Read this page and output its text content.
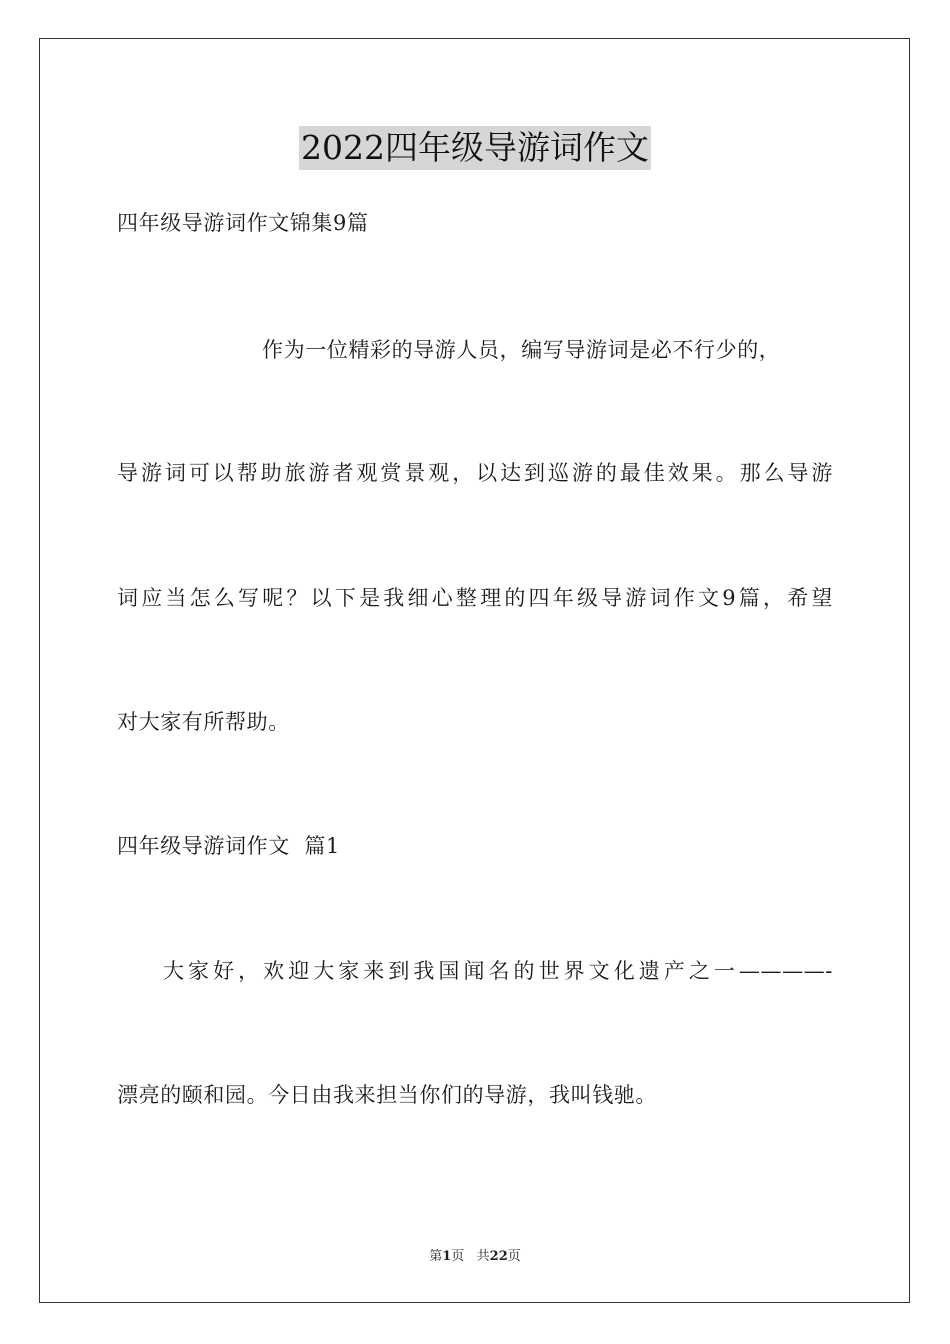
2022四年级导游词作文
四年级导游词作文锦集9篇
作为一位精彩的导游人员，编写导游词是必不行少的，
导游词可以帮助旅游者观赏景观，以达到巡游的最佳效果。那么导游
词应当怎么写呢？以下是我细心整理的四年级导游词作文9篇，希望
对大家有所帮助。
四年级导游词作文  篇1
大家好，欢迎大家来到我国闻名的世界文化遗产之一————-
漂亮的颐和园。今日由我来担当你们的导游，我叫钱驰。
第1页   共22页
